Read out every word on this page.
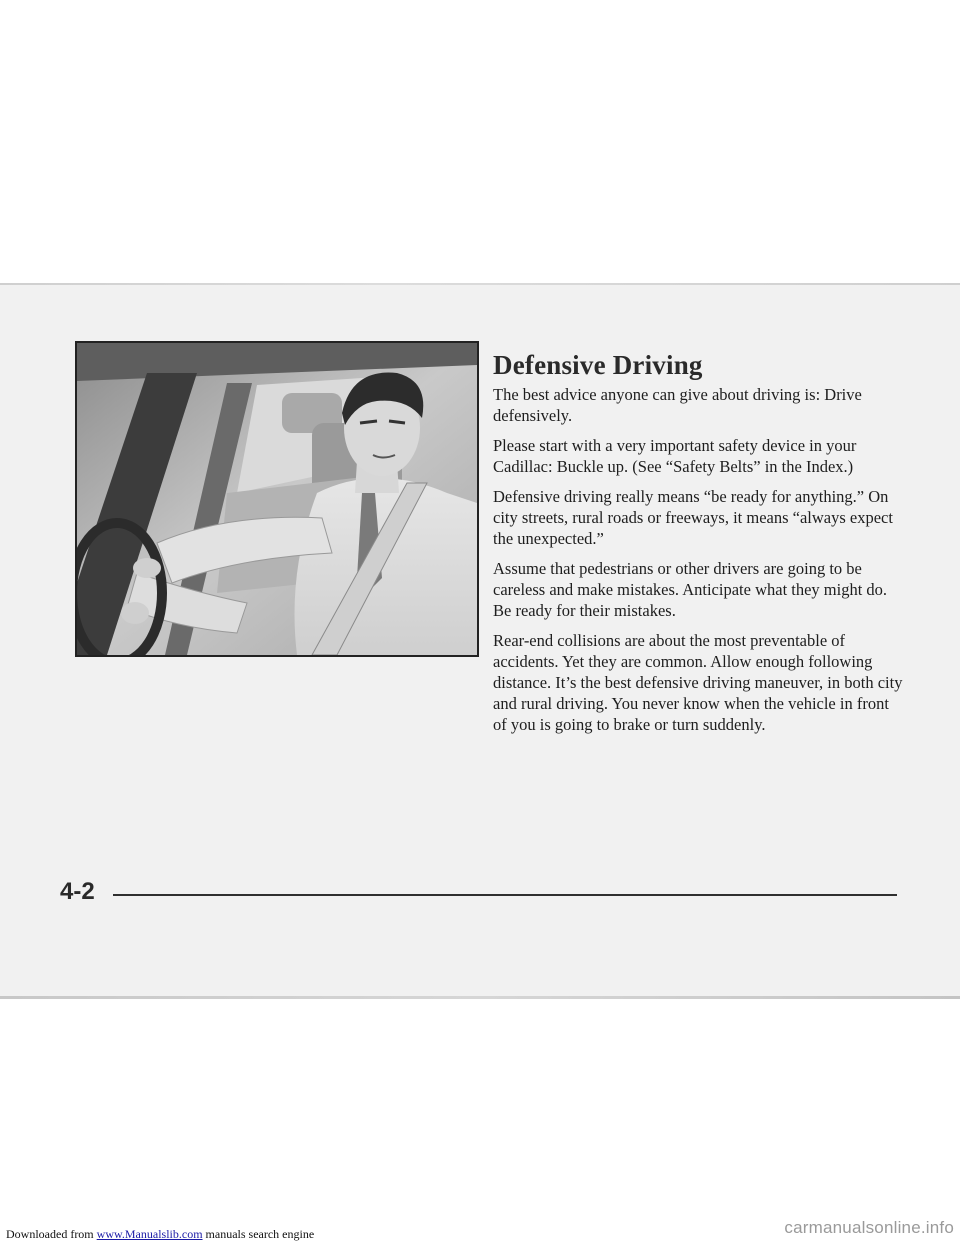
Defensive Driving

The best advice anyone can give about driving is: Drive defensively.

Please start with a very important safety device in your Cadillac: Buckle up. (See “Safety Belts” in the Index.)

Defensive driving really means “be ready for anything.” On city streets, rural roads or freeways, it means “always expect the unexpected.”

Assume that pedestrians or other drivers are going to be careless and make mistakes. Anticipate what they might do. Be ready for their mistakes.

Rear-end collisions are about the most preventable of accidents. Yet they are common. Allow enough following distance. It’s the best defensive driving maneuver, in both city and rural driving. You never know when the vehicle in front of you is going to brake or turn suddenly.

4-2
Downloaded from www.Manualslib.com manuals search engine	carmanualsonline.info
